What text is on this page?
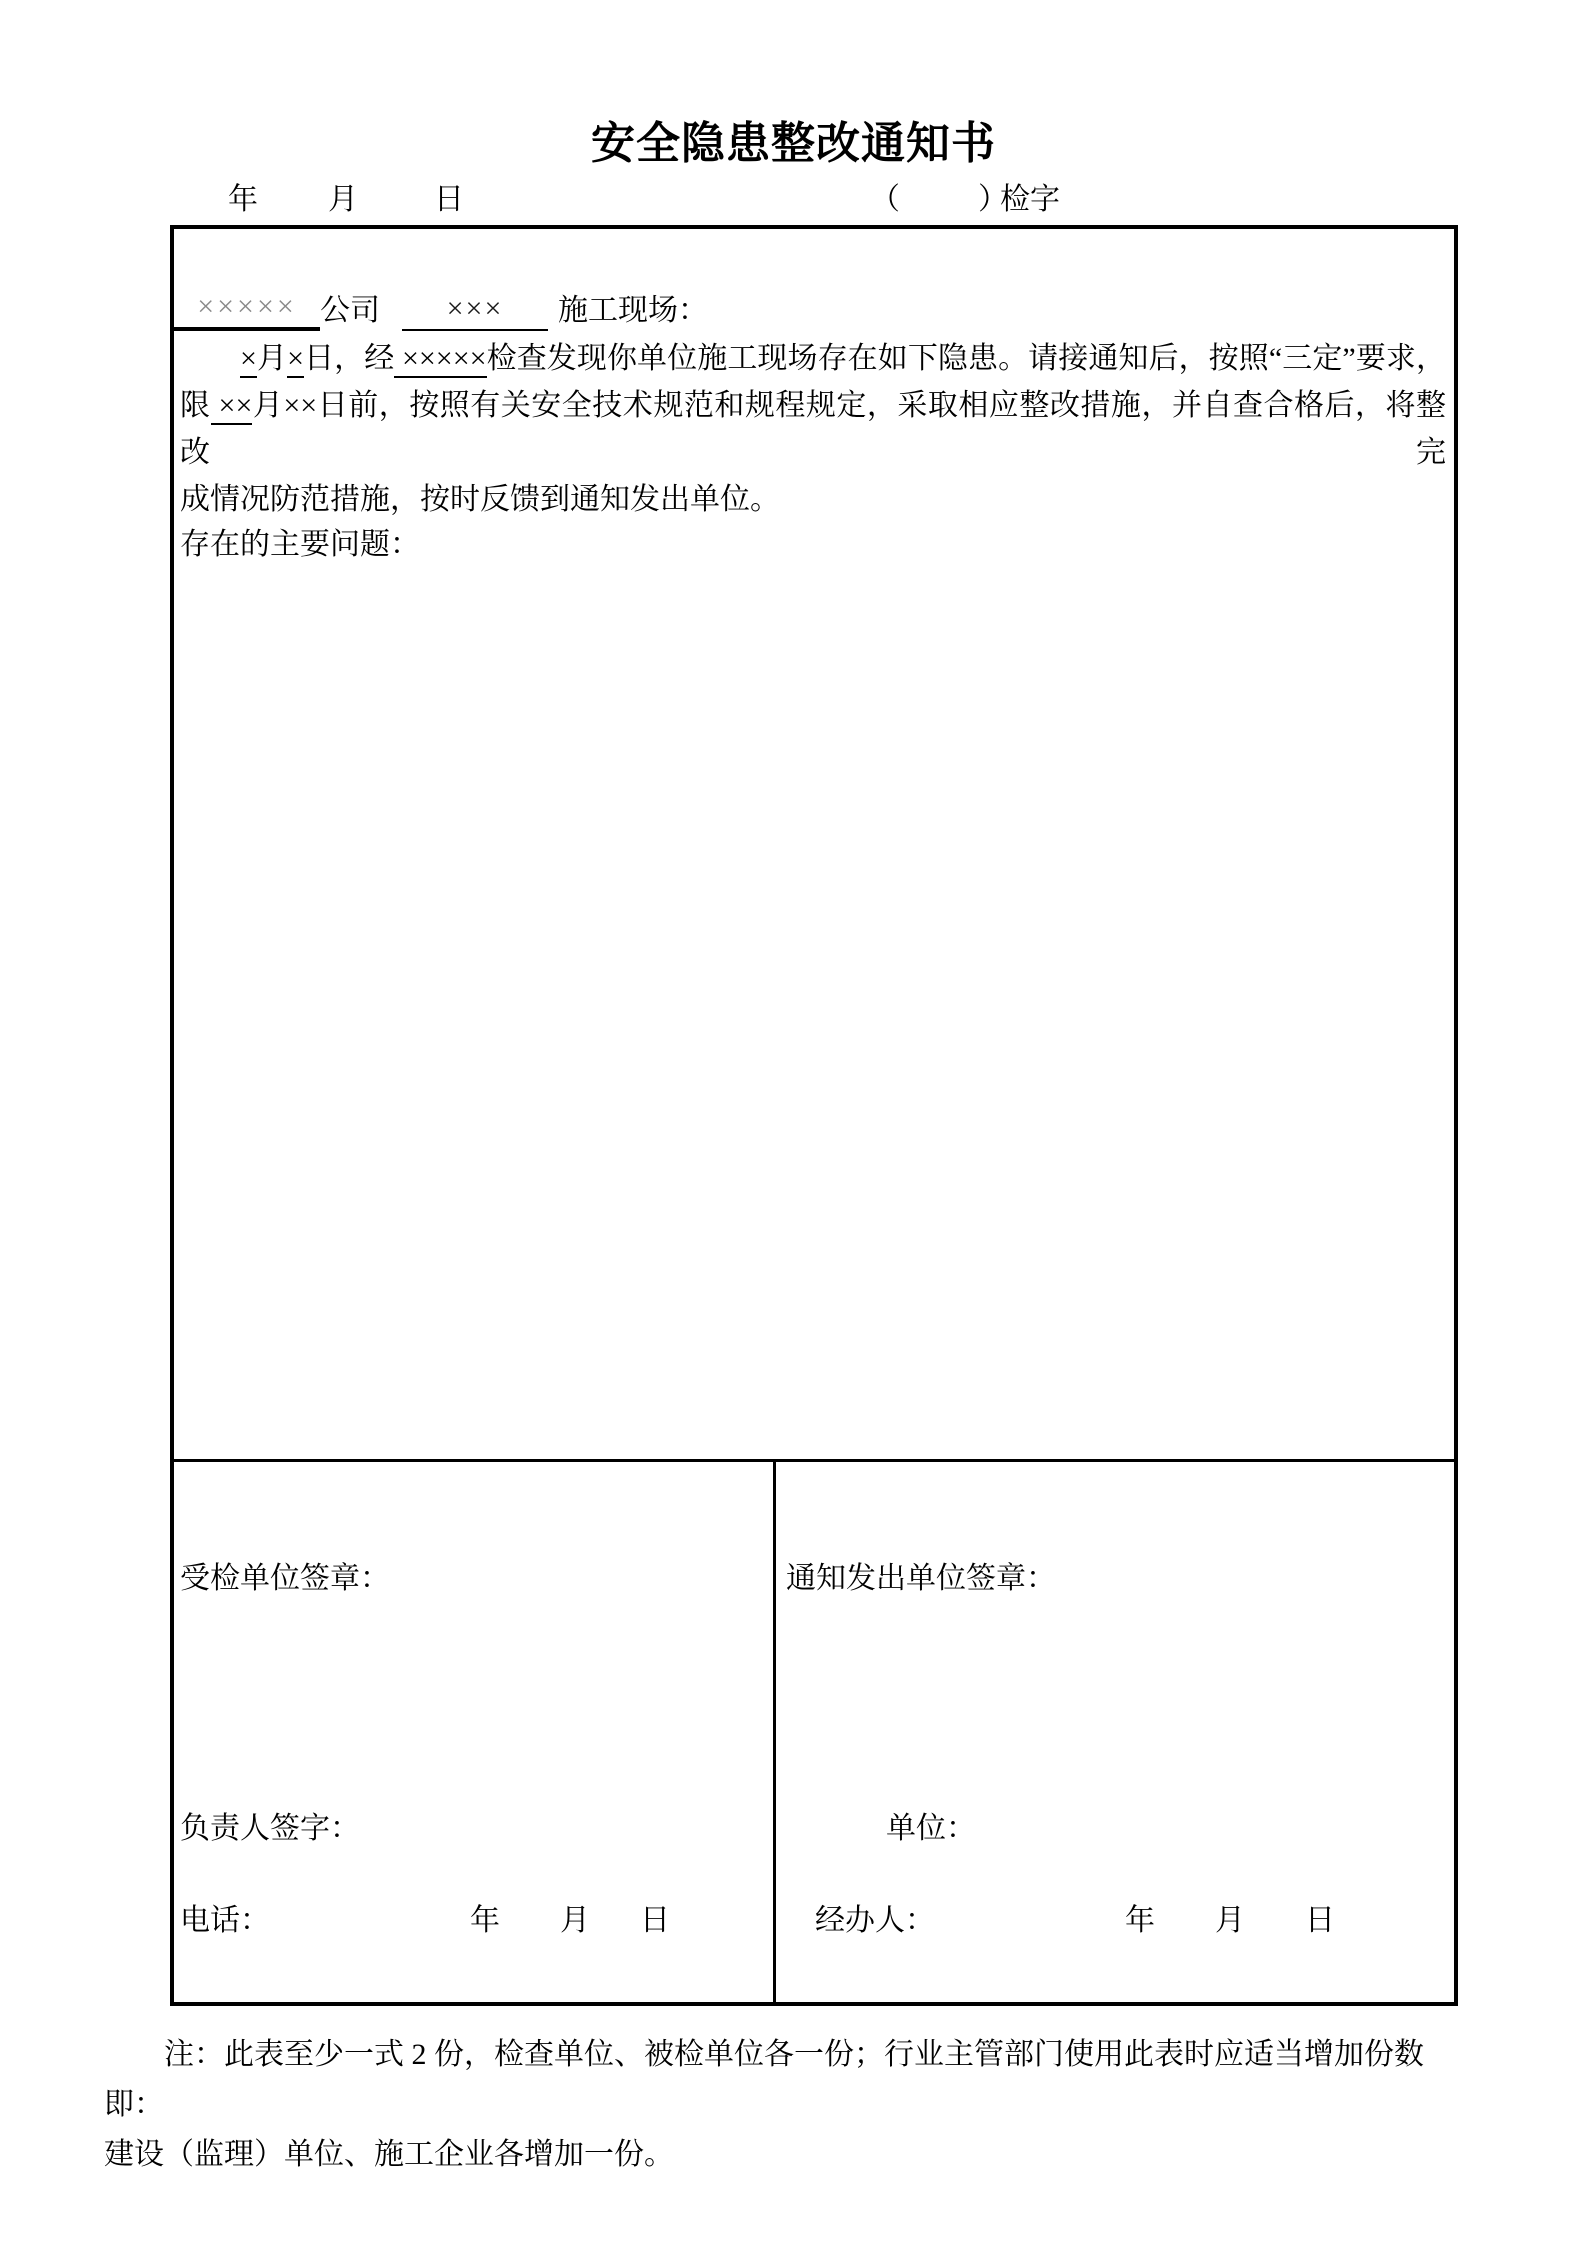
安全隐患整改通知书
年 月	日	（	）
检字
××××× 公司 ××× 施工现场：
×月×日，经 ×××××检查发现你单位施工现场存在如下隐患。请接通知后，按照“三定”要求，
限 ××月××日前，按照有关安全技术规范和规程规定，采取相应整改措施，并自查合格后，将整改完
成情况防范措施，按时反馈到通知发出单位。
存在的主要问题：
受检单位签章：	通知发出单位签章：
负责人签字：	单位：
电话：	年 月 日	经办人：	年 月 日
注：此表至少一式 2 份，检查单位、被检单位各一份；行业主管部门使用此表时应适当增加份数即：
建设（监理）单位、施工企业各增加一份。
